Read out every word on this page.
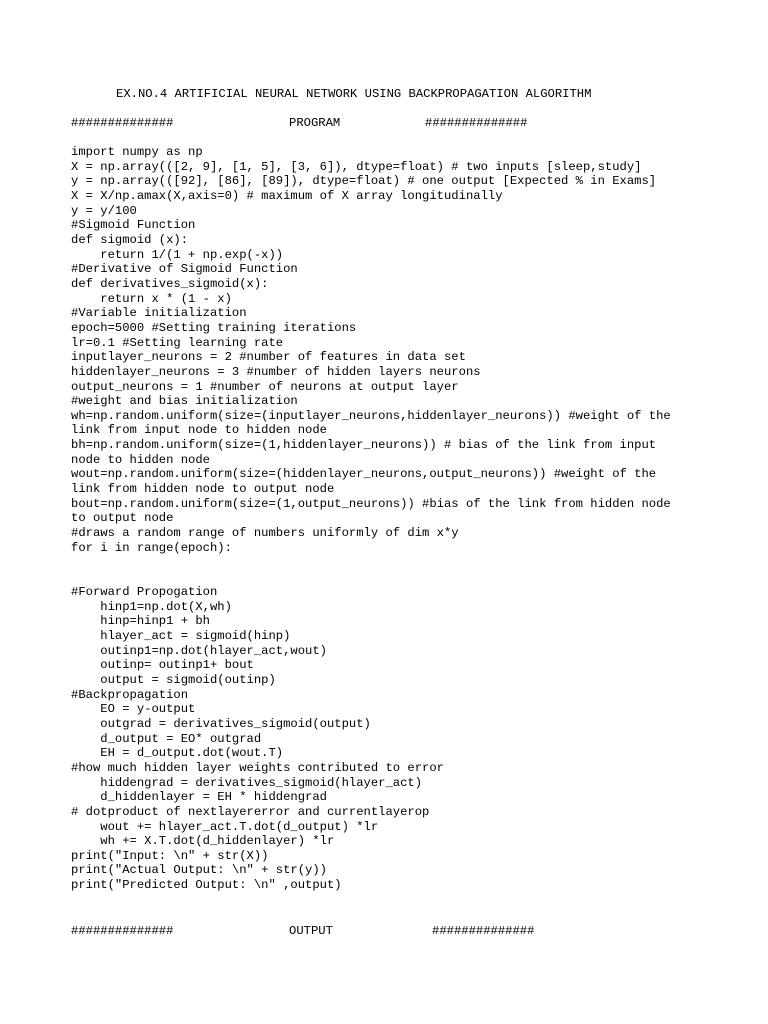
EX.NO.4 ARTIFICIAL NEURAL NETWORK USING BACKPROPAGATION ALGORITHM

##############

	PROGRAM

	##############

import numpy as np
X = np.array(([2, 9], [1, 5], [3, 6]), dtype=float) # two inputs [sleep,study]
y = np.array(([92], [86], [89]), dtype=float) # one output [Expected % in Exams]
X = X/np.amax(X,axis=0) # maximum of X array longitudinally
y = y/100
#Sigmoid Function
def sigmoid (x):
return 1/(1 + np.exp(-x))
#Derivative of Sigmoid Function
def derivatives_sigmoid(x):
return x * (1 - x)
#Variable initialization
epoch=5000 #Setting training iterations
lr=0.1 #Setting learning rate
inputlayer_neurons = 2 #number of features in data set
hiddenlayer_neurons = 3 #number of hidden layers neurons
output_neurons = 1 #number of neurons at output layer
#weight and bias initialization
wh=np.random.uniform(size=(inputlayer_neurons,hiddenlayer_neurons)) #weight of the
link from input node to hidden node
bh=np.random.uniform(size=(1,hiddenlayer_neurons)) # bias of the link from input
node to hidden node
wout=np.random.uniform(size=(hiddenlayer_neurons,output_neurons)) #weight of the
link from hidden node to output node
bout=np.random.uniform(size=(1,output_neurons)) #bias of the link from hidden node
to output node
#draws a random range of numbers uniformly of dim x*y
for i in range(epoch):
#Forward Propogation
hinp1=np.dot(X,wh)
hinp=hinp1 + bh
hlayer_act = sigmoid(hinp)
outinp1=np.dot(hlayer_act,wout)
outinp= outinp1+ bout
output = sigmoid(outinp)
#Backpropagation
EO = y-output
outgrad = derivatives_sigmoid(output)
d_output = EO* outgrad
EH = d_output.dot(wout.T)
#how much hidden layer weights contributed to error
hiddengrad = derivatives_sigmoid(hlayer_act)
d_hiddenlayer = EH * hiddengrad
# dotproduct of nextlayererror and currentlayerop
wout += hlayer_act.T.dot(d_output) *lr
wh += X.T.dot(d_hiddenlayer) *lr
print("Input: \n" + str(X))
print("Actual Output: \n" + str(y))
print("Predicted Output: \n" ,output)

##############

	OUTPUT

	##############
